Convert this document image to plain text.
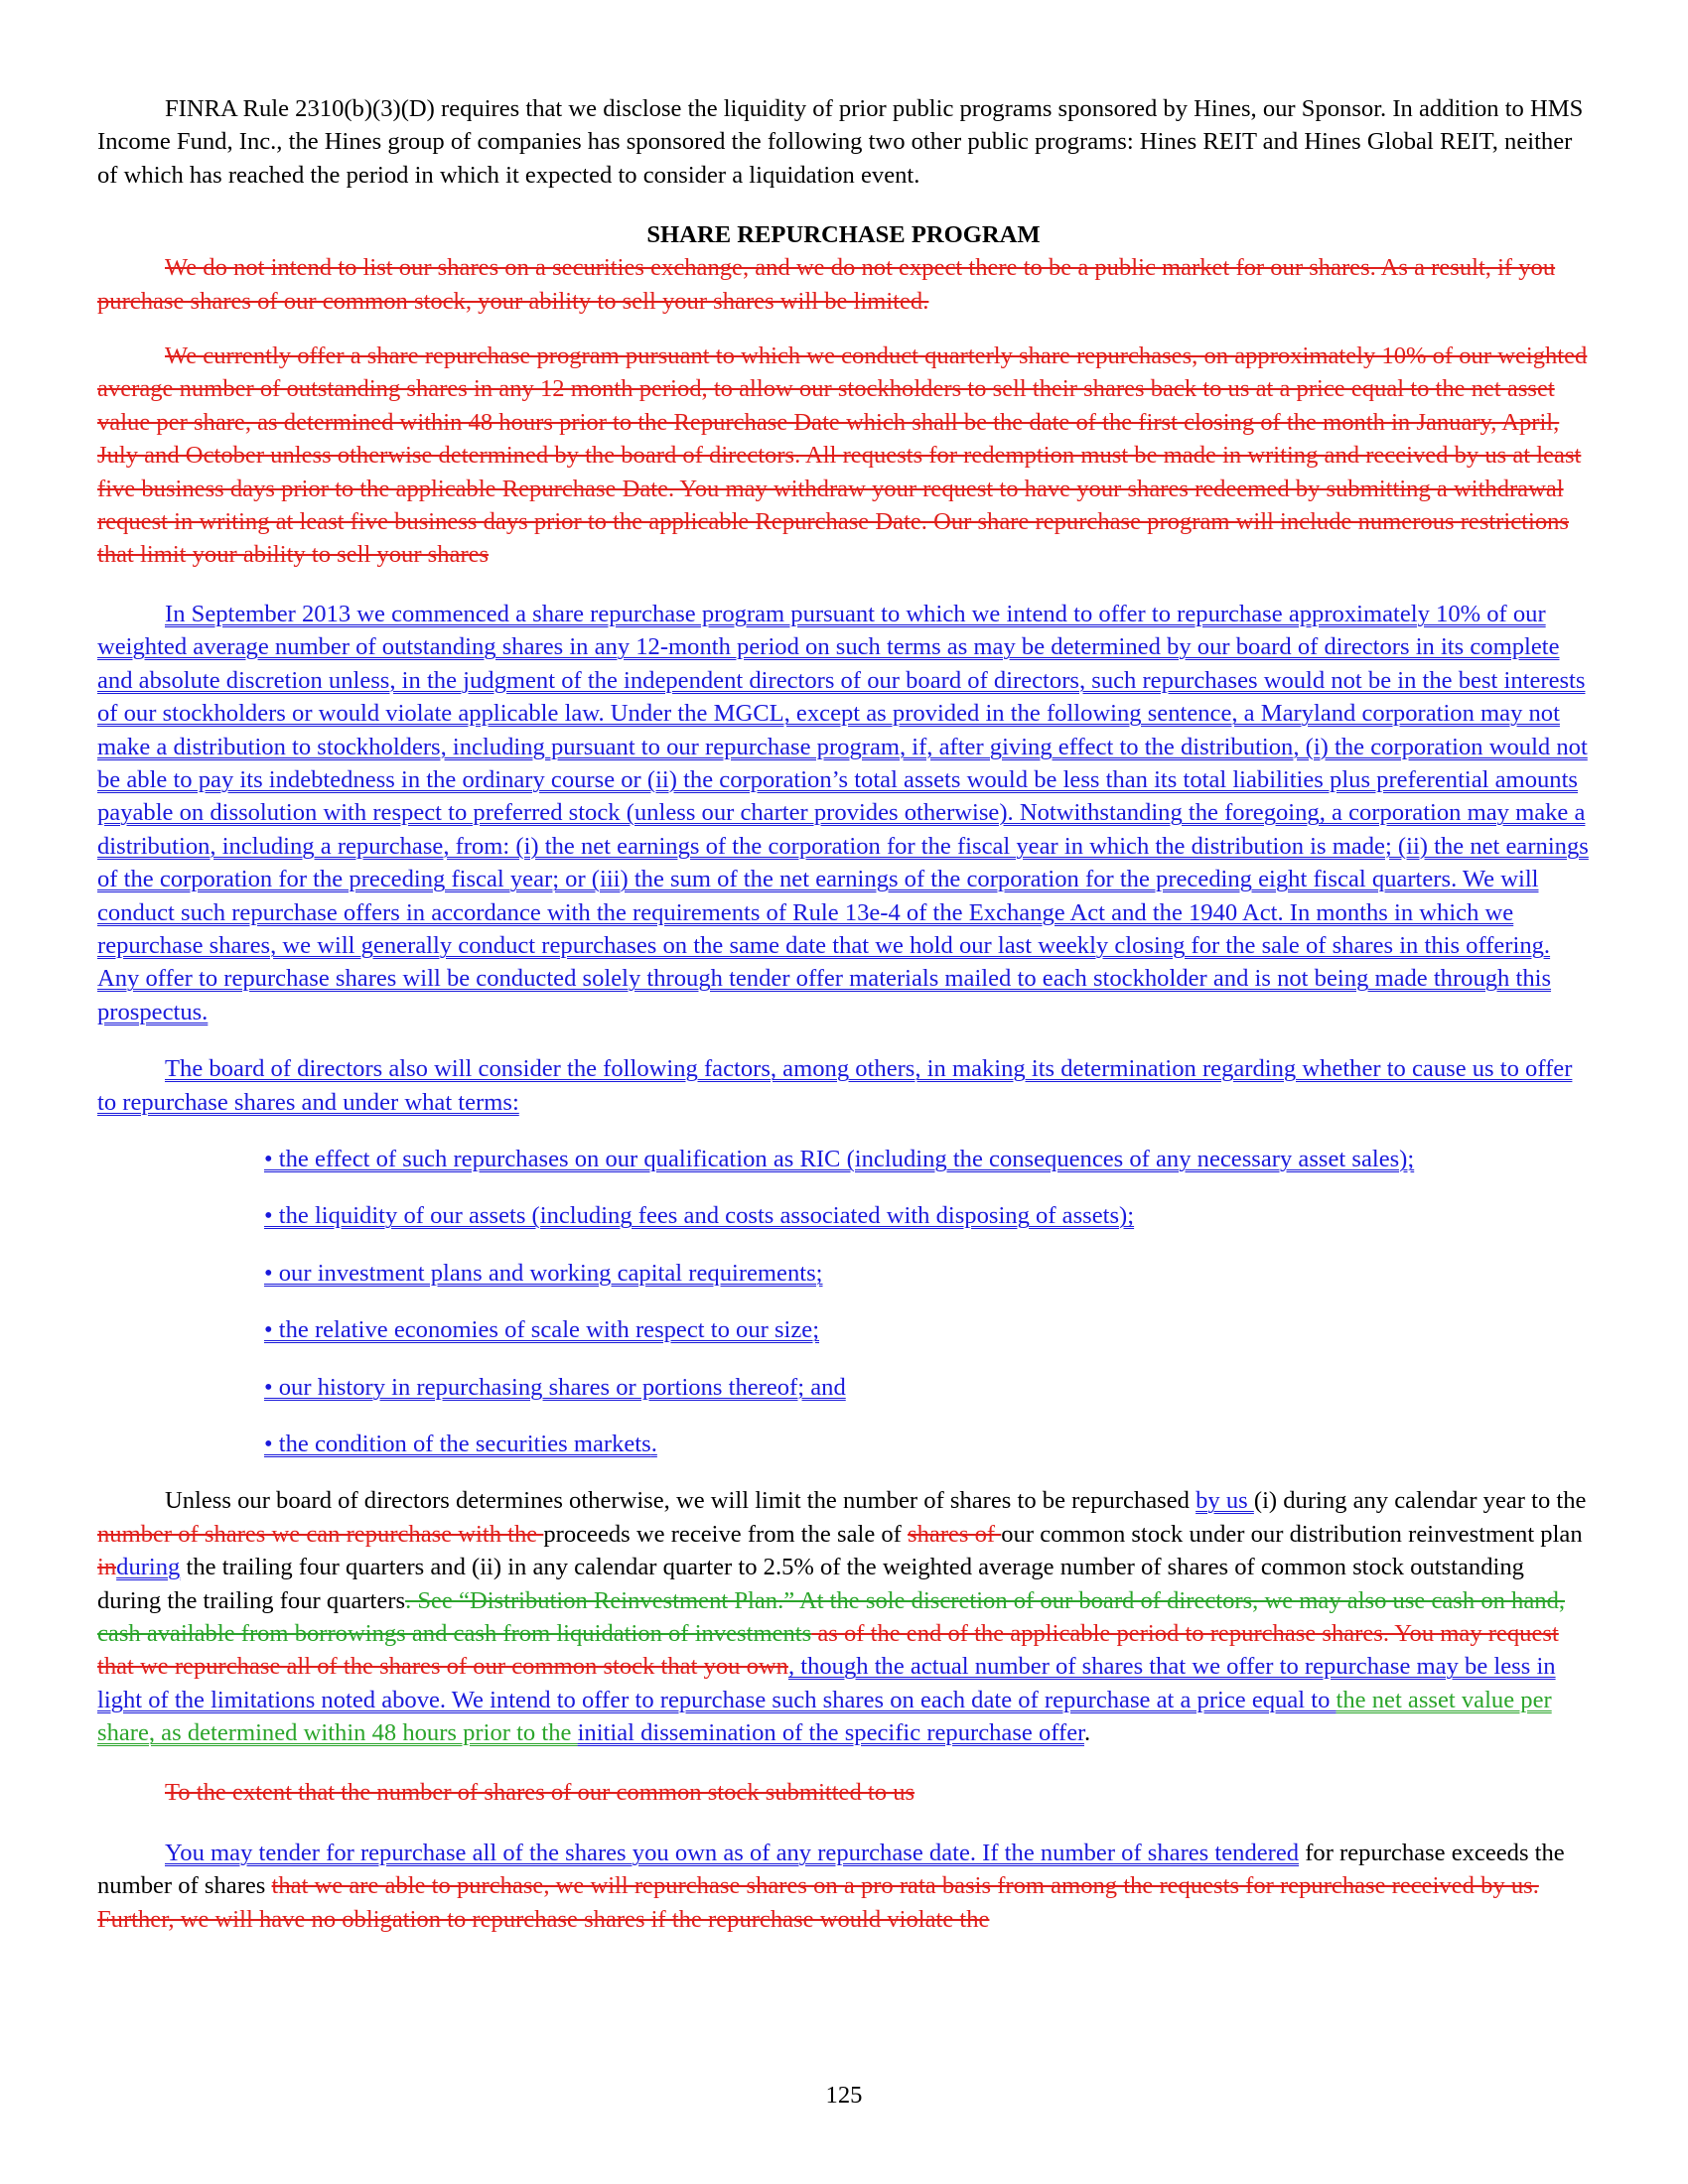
FINRA Rule 2310(b)(3)(D) requires that we disclose the liquidity of prior public programs sponsored by Hines, our Sponsor. In addition to HMS Income Fund, Inc., the Hines group of companies has sponsored the following two other public programs: Hines REIT and Hines Global REIT, neither of which has reached the period in which it expected to consider a liquidation event.

SHARE REPURCHASE PROGRAM

We do not intend to list our shares on a securities exchange, and we do not expect there to be a public market for our shares. As a result, if you purchase shares of our common stock, your ability to sell your shares will be limited.

We currently offer a share repurchase program pursuant to which we conduct quarterly share repurchases, on approximately 10% of our weighted average number of outstanding shares in any 12 month period, to allow our stockholders to sell their shares back to us at a price equal to the net asset value per share, as determined within 48 hours prior to the Repurchase Date which shall be the date of the first closing of the month in January, April, July and October unless otherwise determined by the board of directors. All requests for redemption must be made in writing and received by us at least five business days prior to the applicable Repurchase Date. You may withdraw your request to have your shares redeemed by submitting a withdrawal request in writing at least five business days prior to the applicable Repurchase Date. Our share repurchase program will include numerous restrictions that limit your ability to sell your shares

In September 2013 we commenced a share repurchase program pursuant to which we intend to offer to repurchase approximately 10% of our weighted average number of outstanding shares in any 12-month period on such terms as may be determined by our board of directors in its complete and absolute discretion unless, in the judgment of the independent directors of our board of directors, such repurchases would not be in the best interests of our stockholders or would violate applicable law. Under the MGCL, except as provided in the following sentence, a Maryland corporation may not make a distribution to stockholders, including pursuant to our repurchase program, if, after giving effect to the distribution, (i) the corporation would not be able to pay its indebtedness in the ordinary course or (ii) the corporation’s total assets would be less than its total liabilities plus preferential amounts payable on dissolution with respect to preferred stock (unless our charter provides otherwise). Notwithstanding the foregoing, a corporation may make a distribution, including a repurchase, from: (i) the net earnings of the corporation for the fiscal year in which the distribution is made; (ii) the net earnings of the corporation for the preceding fiscal year; or (iii) the sum of the net earnings of the corporation for the preceding eight fiscal quarters. We will conduct such repurchase offers in accordance with the requirements of Rule 13e-4 of the Exchange Act and the 1940 Act. In months in which we repurchase shares, we will generally conduct repurchases on the same date that we hold our last weekly closing for the sale of shares in this offering. Any offer to repurchase shares will be conducted solely through tender offer materials mailed to each stockholder and is not being made through this prospectus.

The board of directors also will consider the following factors, among others, in making its determination regarding whether to cause us to offer to repurchase shares and under what terms:

• the effect of such repurchases on our qualification as RIC (including the consequences of any necessary asset sales);
• the liquidity of our assets (including fees and costs associated with disposing of assets);
• our investment plans and working capital requirements;
• the relative economies of scale with respect to our size;
• our history in repurchasing shares or portions thereof; and
• the condition of the securities markets.

Unless our board of directors determines otherwise, we will limit the number of shares to be repurchased by us (i) during any calendar year to the number of shares we can repurchase with the proceeds we receive from the sale of shares of our common stock under our distribution reinvestment plan induring the trailing four quarters and (ii) in any calendar quarter to 2.5% of the weighted average number of shares of common stock outstanding during the trailing four quarters. See “Distribution Reinvestment Plan.” At the sole discretion of our board of directors, we may also use cash on hand, cash available from borrowings and cash from liquidation of investments as of the end of the applicable period to repurchase shares. You may request that we repurchase all of the shares of our common stock that you own, though the actual number of shares that we offer to repurchase may be less in light of the limitations noted above. We intend to offer to repurchase such shares on each date of repurchase at a price equal to the net asset value per share, as determined within 48 hours prior to the initial dissemination of the specific repurchase offer.

To the extent that the number of shares of our common stock submitted to us

You may tender for repurchase all of the shares you own as of any repurchase date. If the number of shares tendered for repurchase exceeds the number of shares that we are able to purchase, we will repurchase shares on a pro rata basis from among the requests for repurchase received by us. Further, we will have no obligation to repurchase shares if the repurchase would violate the

125
